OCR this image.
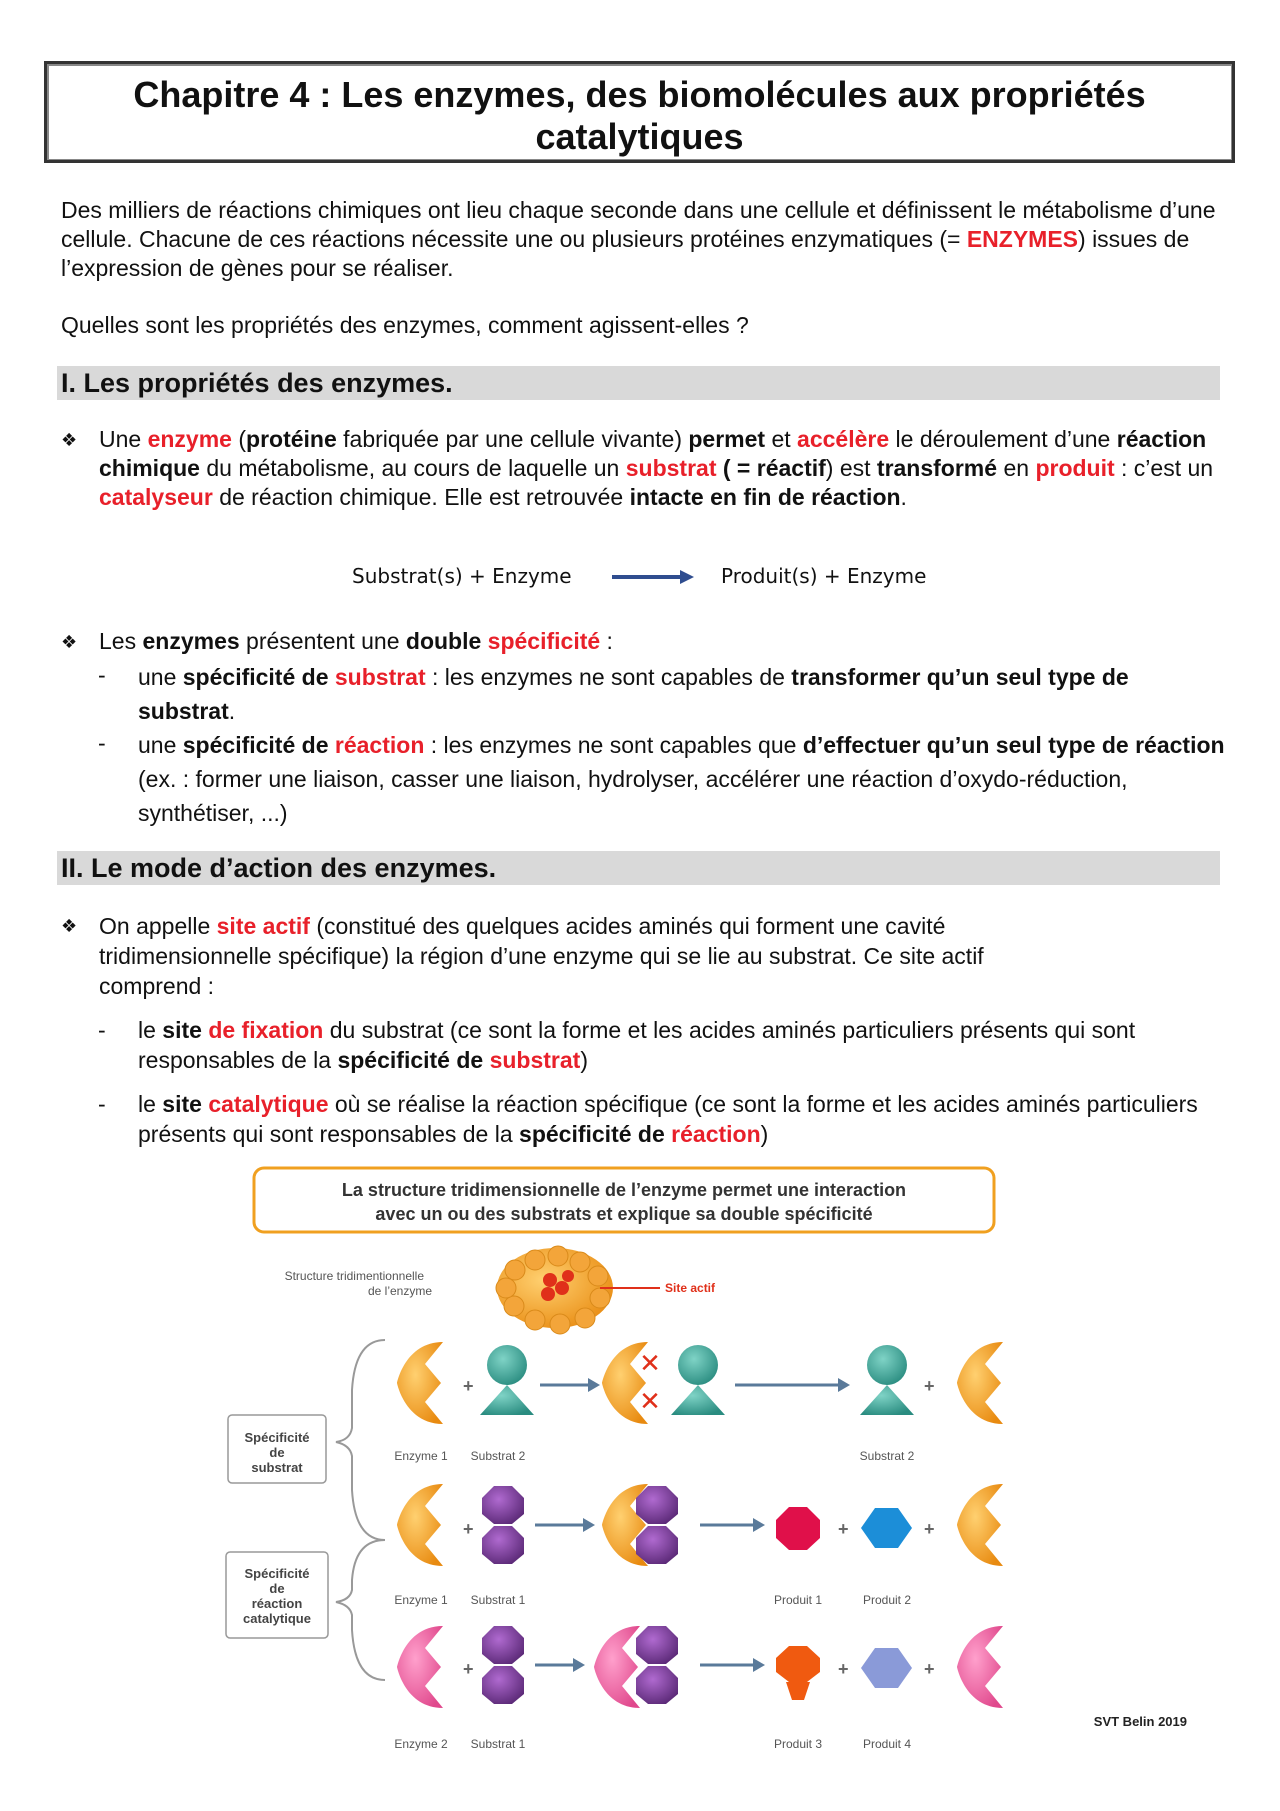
Chapitre 4 : Les enzymes, des biomolécules aux propriétés
catalytiques
Des milliers de réactions chimiques ont lieu chaque seconde dans une cellule et définissent le métabolisme d’une cellule. Chacune de ces réactions nécessite une ou plusieurs protéines enzymatiques (= ENZYMES) issues de l’expression de gènes pour se réaliser.
Quelles sont les propriétés des enzymes, comment agissent-elles ?
I. Les propriétés des enzymes.
❖ Une enzyme (protéine fabriquée par une cellule vivante) permet et accélère le déroulement d’une réaction chimique du métabolisme, au cours de laquelle un substrat ( = réactif) est transformé en produit : c’est un catalyseur de réaction chimique. Elle est retrouvée intacte en fin de réaction.
Substrat(s) + Enzyme	Produit(s) + Enzyme
❖ Les enzymes présentent une double spécificité :
- une spécificité de substrat : les enzymes ne sont capables de transformer qu’un seul type de substrat.
- une spécificité de réaction : les enzymes ne sont capables que d’effectuer qu’un seul type de réaction (ex. : former une liaison, casser une liaison, hydrolyser, accélérer une réaction d’oxydo-réduction, synthétiser, ...)
II. Le mode d’action des enzymes.
❖ On appelle site actif (constitué des quelques acides aminés qui forment une cavité tridimensionnelle spécifique) la région d’une enzyme qui se lie au substrat. Ce site actif comprend :
- le site de fixation du substrat (ce sont la forme et les acides aminés particuliers présents qui sont responsables de la spécificité de substrat)
- le site catalytique où se réalise la réaction spécifique (ce sont la forme et les acides aminés particuliers présents qui sont responsables de la spécificité de réaction)
La structure tridimensionnelle de l’enzyme permet une interaction
avec un ou des substrats et explique sa double spécificité
Structure tridimentionnelle
de l’enzyme	Site actif
Spécificité
de
substrat
Spécificité
de
réaction
catalytique
+
✕
✕
+
Enzyme 1 Substrat 2	Substrat 2
+	+	+
Enzyme 1 Substrat 1	Produit 1	Produit 2
+	+	+
Enzyme 2 Substrat 1	Produit 3	Produit 4
SVT Belin 2019
